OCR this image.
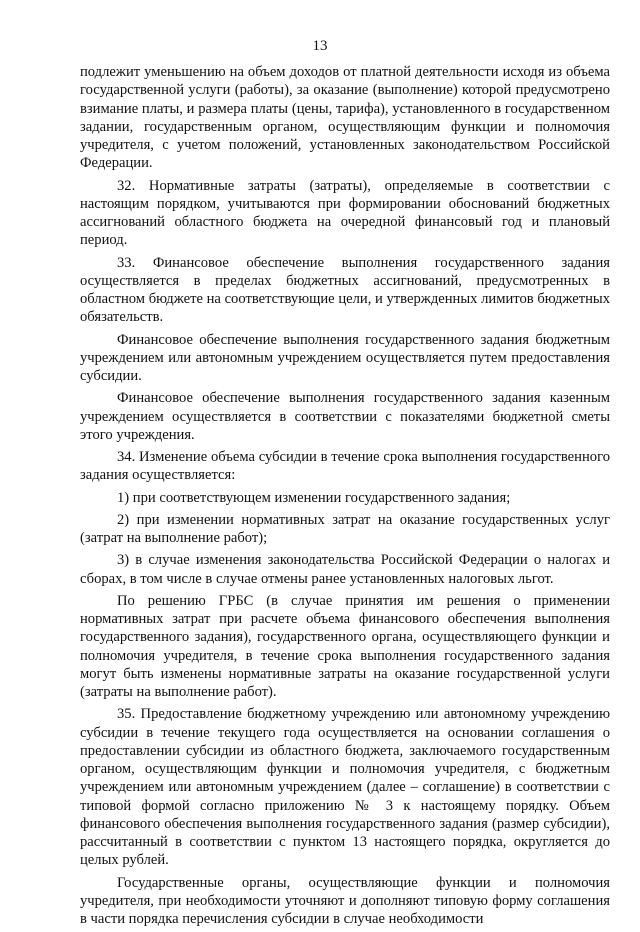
13

подлежит уменьшению на объем доходов от платной деятельности исходя из объема государственной услуги (работы), за оказание (выполнение) которой предусмотрено взимание платы, и размера платы (цены, тарифа), установленного в государственном задании, государственным органом, осуществляющим функции и полномочия учредителя, с учетом положений, установленных законодательством Российской Федерации.

32. Нормативные затраты (затраты), определяемые в соответствии с настоящим порядком, учитываются при формировании обоснований бюджетных ассигнований областного бюджета на очередной финансовый год и плановый период.

33. Финансовое обеспечение выполнения государственного задания осуществляется в пределах бюджетных ассигнований, предусмотренных в областном бюджете на соответствующие цели, и утвержденных лимитов бюджетных обязательств.

Финансовое обеспечение выполнения государственного задания бюджетным учреждением или автономным учреждением осуществляется путем предоставления субсидии.

Финансовое обеспечение выполнения государственного задания казенным учреждением осуществляется в соответствии с показателями бюджетной сметы этого учреждения.

34. Изменение объема субсидии в течение срока выполнения государственного задания осуществляется:

1) при соответствующем изменении государственного задания;

2) при изменении нормативных затрат на оказание государственных услуг (затрат на выполнение работ);

3) в случае изменения законодательства Российской Федерации о налогах и сборах, в том числе в случае отмены ранее установленных налоговых льгот.

По решению ГРБС (в случае принятия им решения о применении нормативных затрат при расчете объема финансового обеспечения выполнения государственного задания), государственного органа, осуществляющего функции и полномочия учредителя, в течение срока выполнения государственного задания могут быть изменены нормативные затраты на оказание государственной услуги (затраты на выполнение работ).

35. Предоставление бюджетному учреждению или автономному учреждению субсидии в течение текущего года осуществляется на основании соглашения о предоставлении субсидии из областного бюджета, заключаемого государственным органом, осуществляющим функции и полномочия учредителя, с бюджетным учреждением или автономным учреждением (далее – соглашение) в соответствии с типовой формой согласно приложению № 3 к настоящему порядку. Объем финансового обеспечения выполнения государственного задания (размер субсидии), рассчитанный в соответствии с пунктом 13 настоящего порядка, округляется до целых рублей.

Государственные органы, осуществляющие функции и полномочия учредителя, при необходимости уточняют и дополняют типовую форму соглашения в части порядка перечисления субсидии в случае необходимости
